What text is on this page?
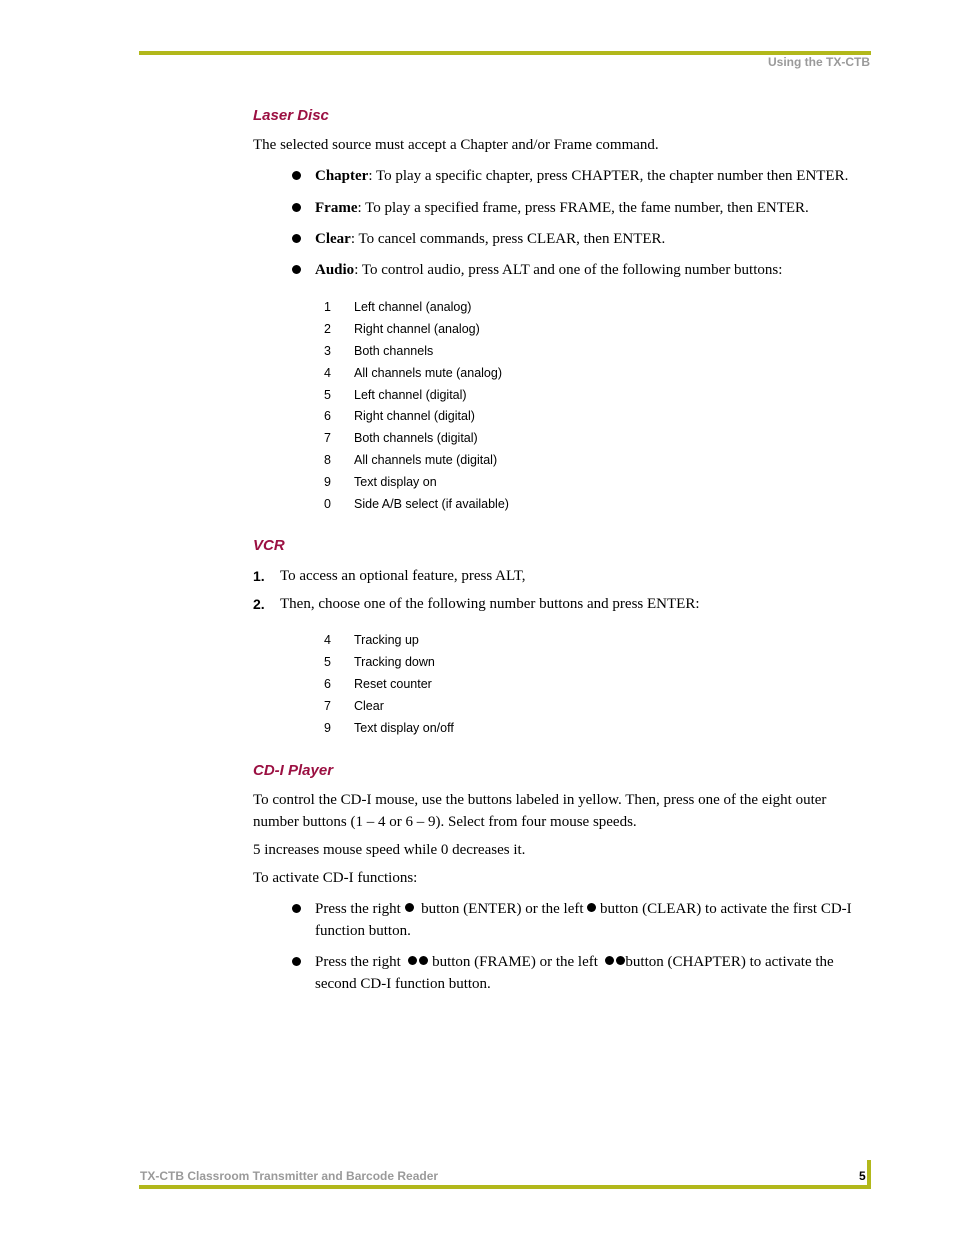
Using the TX-CTB
Laser Disc
The selected source must accept a Chapter and/or Frame command.
Chapter: To play a specific chapter, press CHAPTER, the chapter number then ENTER.
Frame: To play a specified frame, press FRAME, the fame number, then ENTER.
Clear: To cancel commands, press CLEAR, then ENTER.
Audio: To control audio, press ALT and one of the following number buttons:
1	Left channel (analog)
2	Right channel (analog)
3	Both channels
4	All channels mute (analog)
5	Left channel (digital)
6	Right channel (digital)
7	Both channels (digital)
8	All channels mute (digital)
9	Text display on
0	Side A/B select (if available)
VCR
1. To access an optional feature, press ALT,
2. Then, choose one of the following number buttons and press ENTER:
4	Tracking up
5	Tracking down
6	Reset counter
7	Clear
9	Text display on/off
CD-I Player
To control the CD-I mouse, use the buttons labeled in yellow. Then, press one of the eight outer number buttons (1 – 4 or 6 – 9). Select from four mouse speeds.
5 increases mouse speed while 0 decreases it.
To activate CD-I functions:
Press the right button (ENTER) or the left button (CLEAR) to activate the first CD-I function button.
Press the right button (FRAME) or the left button (CHAPTER) to activate the second CD-I function button.
TX-CTB Classroom Transmitter and Barcode Reader	5
